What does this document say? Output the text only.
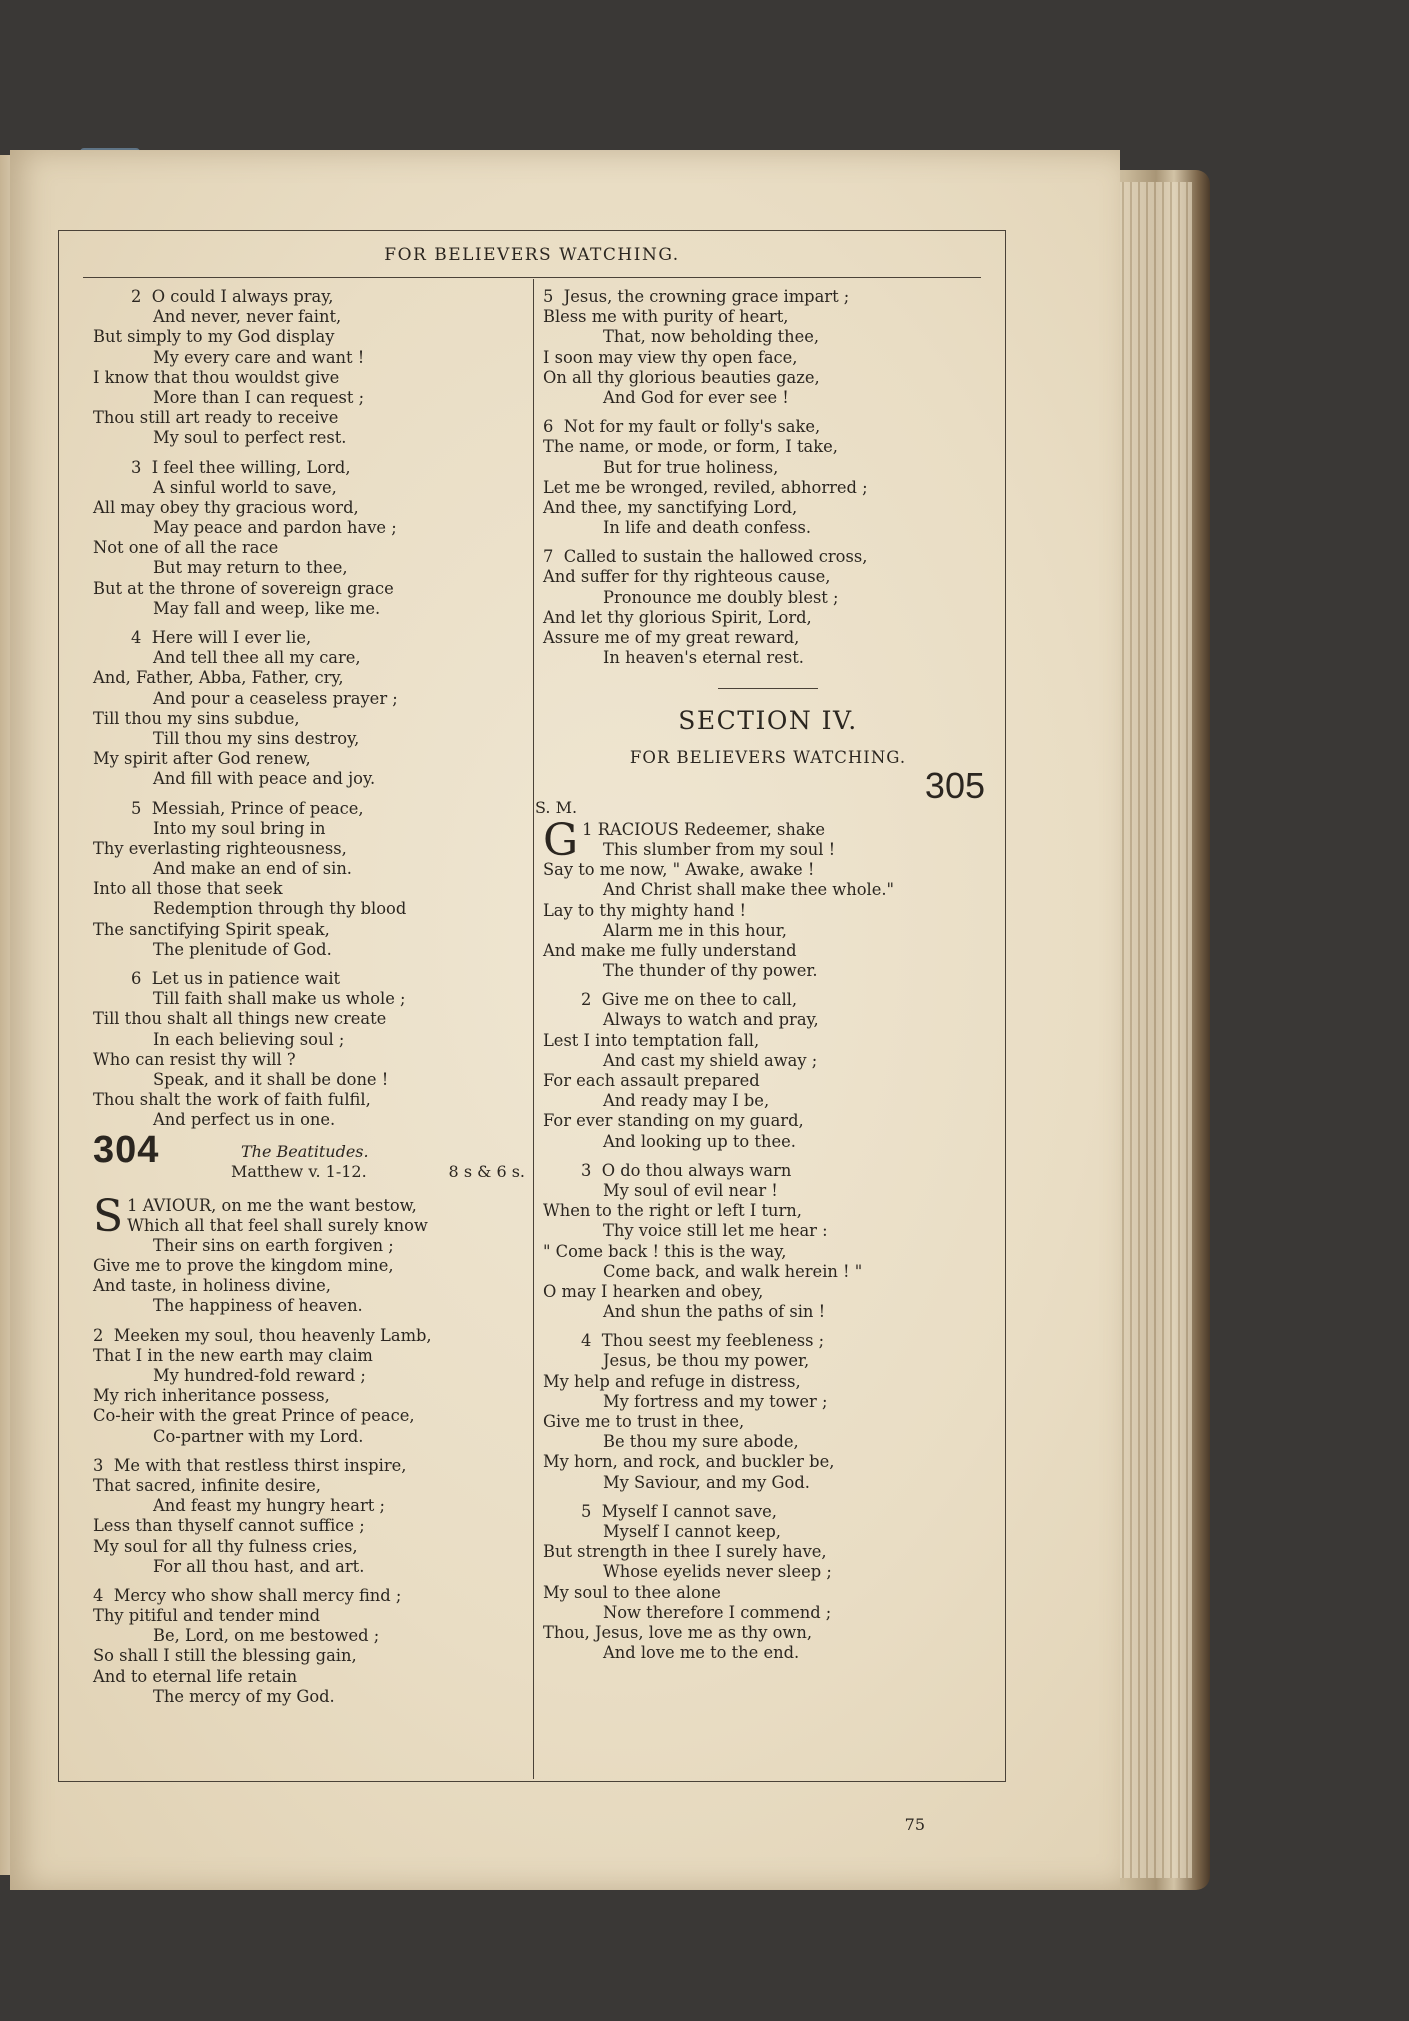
FOR BELIEVERS WATCHING.
2  O could I always pray,
And never, never faint,
But simply to my God display
My every care and want !
I know that thou wouldst give
More than I can request ;
Thou still art ready to receive
My soul to perfect rest.
3  I feel thee willing, Lord,
A sinful world to save,
All may obey thy gracious word,
May peace and pardon have ;
Not one of all the race
But may return to thee,
But at the throne of sovereign grace
May fall and weep, like me.
4  Here will I ever lie,
And tell thee all my care,
And, Father, Abba, Father, cry,
And pour a ceaseless prayer ;
Till thou my sins subdue,
Till thou my sins destroy,
My spirit after God renew,
And fill with peace and joy.
5  Messiah, Prince of peace,
Into my soul bring in
Thy everlasting righteousness,
And make an end of sin.
Into all those that seek
Redemption through thy blood
The sanctifying Spirit speak,
The plenitude of God.
6  Let us in patience wait
Till faith shall make us whole ;
Till thou shalt all things new create
In each believing soul ;
Who can resist thy will ?
Speak, and it shall be done !
Thou shalt the work of faith fulfil,
And perfect us in one.
304	The Beatitudes.
Matthew v. 1-12.	8 s & 6 s.
1
S AVIOUR, on me the want bestow,
Which all that feel shall surely know
Their sins on earth forgiven ;
Give me to prove the kingdom mine,
And taste, in holiness divine,
The happiness of heaven.
2  Meeken my soul, thou heavenly Lamb,
That I in the new earth may claim
My hundred-fold reward ;
My rich inheritance possess,
Co-heir with the great Prince of peace,
Co-partner with my Lord.
3  Me with that restless thirst inspire,
That sacred, infinite desire,
And feast my hungry heart ;
Less than thyself cannot suffice ;
My soul for all thy fulness cries,
For all thou hast, and art.
4  Mercy who show shall mercy find ;
Thy pitiful and tender mind
Be, Lord, on me bestowed ;
So shall I still the blessing gain,
And to eternal life retain
The mercy of my God.
5  Jesus, the crowning grace impart ;
Bless me with purity of heart,
That, now beholding thee,
I soon may view thy open face,
On all thy glorious beauties gaze,
And God for ever see !
6  Not for my fault or folly's sake,
The name, or mode, or form, I take,
But for true holiness,
Let me be wronged, reviled, abhorred ;
And thee, my sanctifying Lord,
In life and death confess.
7  Called to sustain the hallowed cross,
And suffer for thy righteous cause,
Pronounce me doubly blest ;
And let thy glorious Spirit, Lord,
Assure me of my great reward,
In heaven's eternal rest.
SECTION IV.
FOR BELIEVERS WATCHING.
S. M.
305
1
G RACIOUS Redeemer, shake
This slumber from my soul !
Say to me now, " Awake, awake !
And Christ shall make thee whole."
Lay to thy mighty hand !
Alarm me in this hour,
And make me fully understand
The thunder of thy power.
2  Give me on thee to call,
Always to watch and pray,
Lest I into temptation fall,
And cast my shield away ;
For each assault prepared
And ready may I be,
For ever standing on my guard,
And looking up to thee.
3  O do thou always warn
My soul of evil near !
When to the right or left I turn,
Thy voice still let me hear :
" Come back ! this is the way,
Come back, and walk herein ! "
O may I hearken and obey,
And shun the paths of sin !
4  Thou seest my feebleness ;
Jesus, be thou my power,
My help and refuge in distress,
My fortress and my tower ;
Give me to trust in thee,
Be thou my sure abode,
My horn, and rock, and buckler be,
My Saviour, and my God.
5  Myself I cannot save,
Myself I cannot keep,
But strength in thee I surely have,
Whose eyelids never sleep ;
My soul to thee alone
Now therefore I commend ;
Thou, Jesus, love me as thy own,
And love me to the end.
75
